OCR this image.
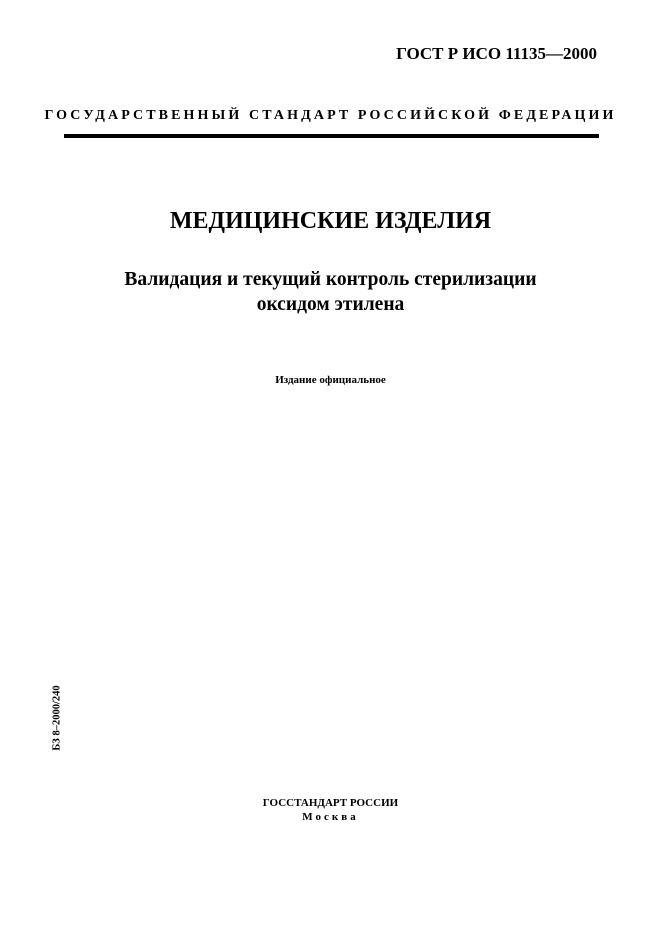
ГОСТ Р ИСО 11135—2000
ГОСУДАРСТВЕННЫЙ СТАНДАРТ РОССИЙСКОЙ ФЕДЕРАЦИИ
МЕДИЦИНСКИЕ ИЗДЕЛИЯ
Валидация и текущий контроль стерилизации
оксидом этилена
Издание официальное
БЗ 8–2000/240
ГОССТАНДАРТ РОССИИ
Москва
